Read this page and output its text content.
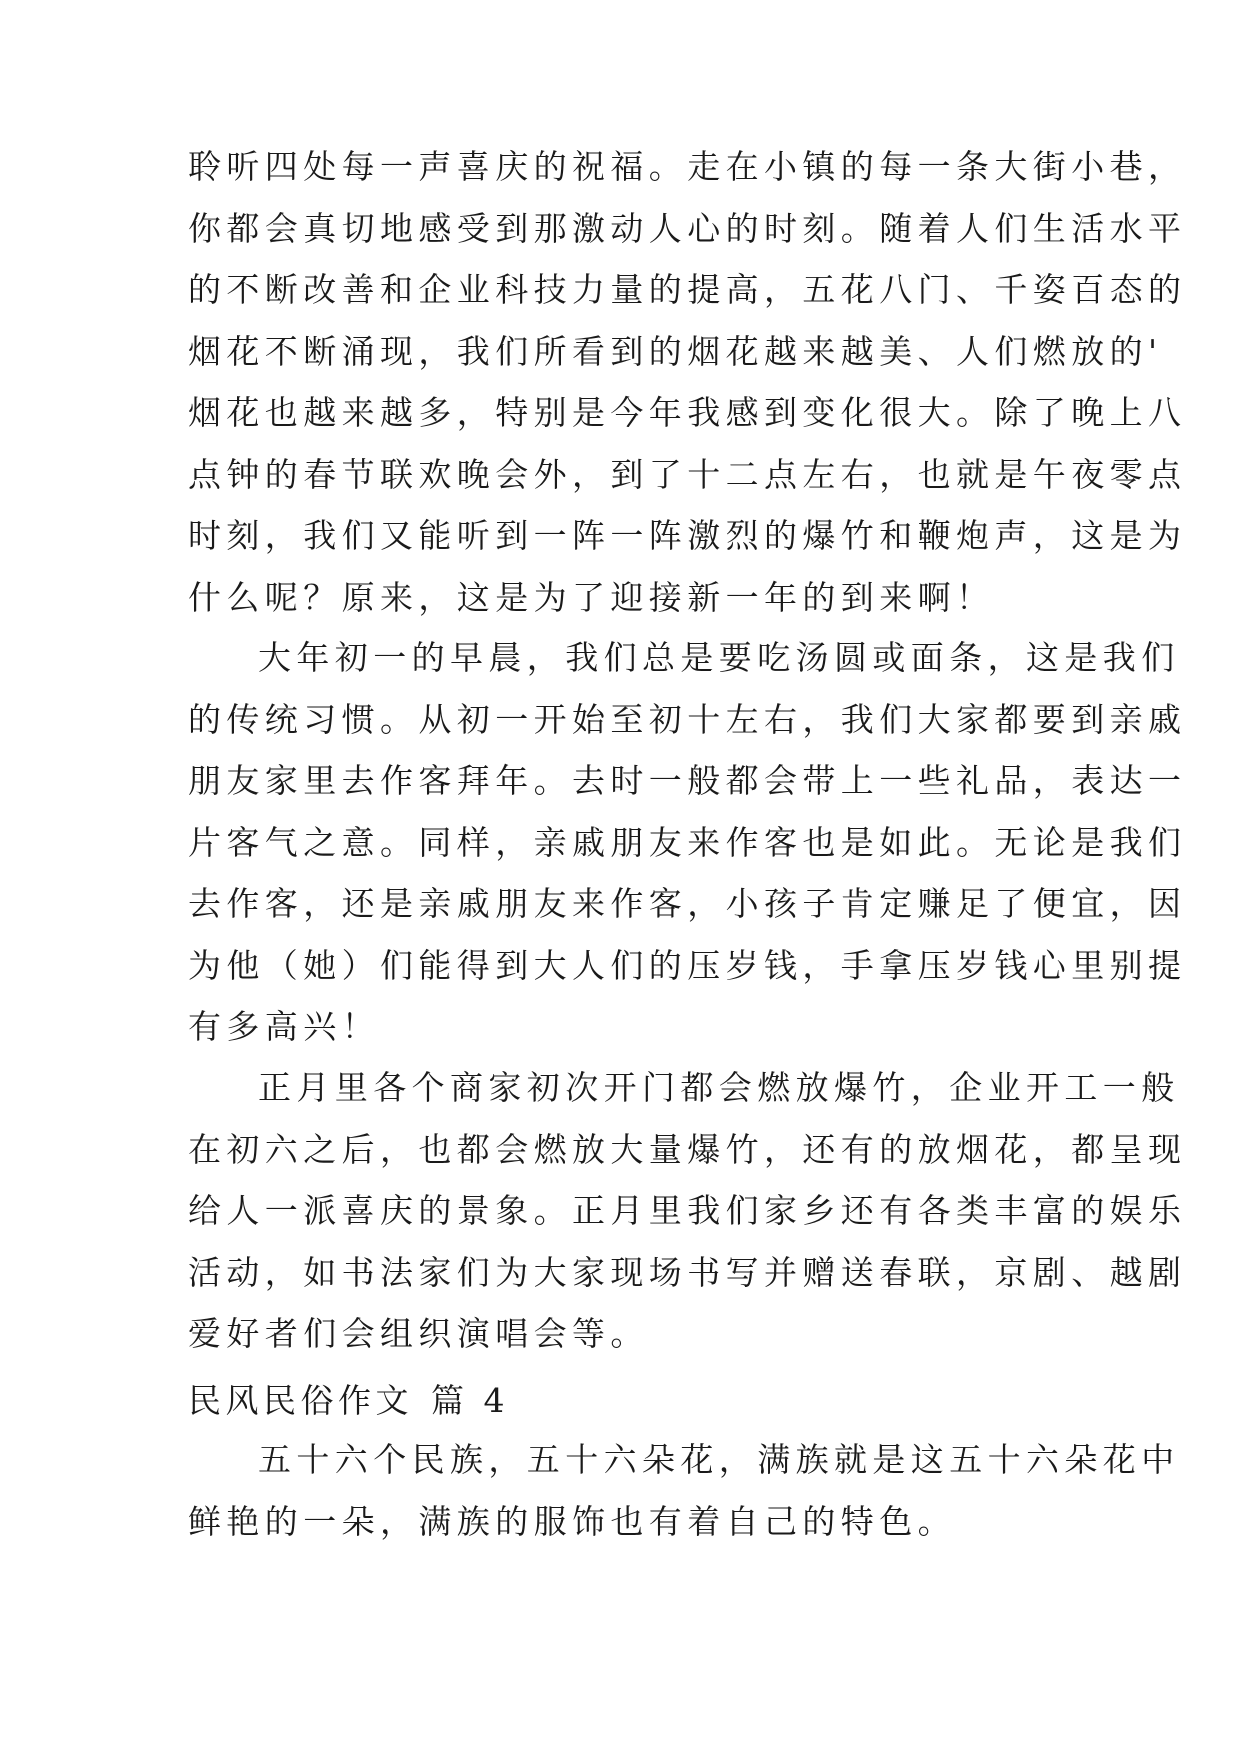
聆听四处每一声喜庆的祝福。走在小镇的每一条大街小巷，
你都会真切地感受到那激动人心的时刻。随着人们生活水平
的不断改善和企业科技力量的提高，五花八门、千姿百态的
烟花不断涌现，我们所看到的烟花越来越美、人们燃放的'
烟花也越来越多，特别是今年我感到变化很大。除了晚上八
点钟的春节联欢晚会外，到了十二点左右，也就是午夜零点
时刻，我们又能听到一阵一阵激烈的爆竹和鞭炮声，这是为
什么呢？原来，这是为了迎接新一年的到来啊！
大年初一的早晨，我们总是要吃汤圆或面条，这是我们
的传统习惯。从初一开始至初十左右，我们大家都要到亲戚
朋友家里去作客拜年。去时一般都会带上一些礼品，表达一
片客气之意。同样，亲戚朋友来作客也是如此。无论是我们
去作客，还是亲戚朋友来作客，小孩子肯定赚足了便宜，因
为他（她）们能得到大人们的压岁钱，手拿压岁钱心里别提
有多高兴！
正月里各个商家初次开门都会燃放爆竹，企业开工一般
在初六之后，也都会燃放大量爆竹，还有的放烟花，都呈现
给人一派喜庆的景象。正月里我们家乡还有各类丰富的娱乐
活动，如书法家们为大家现场书写并赠送春联，京剧、越剧
爱好者们会组织演唱会等。
民风民俗作文 篇 4
五十六个民族，五十六朵花，满族就是这五十六朵花中
鲜艳的一朵，满族的服饰也有着自己的特色。
